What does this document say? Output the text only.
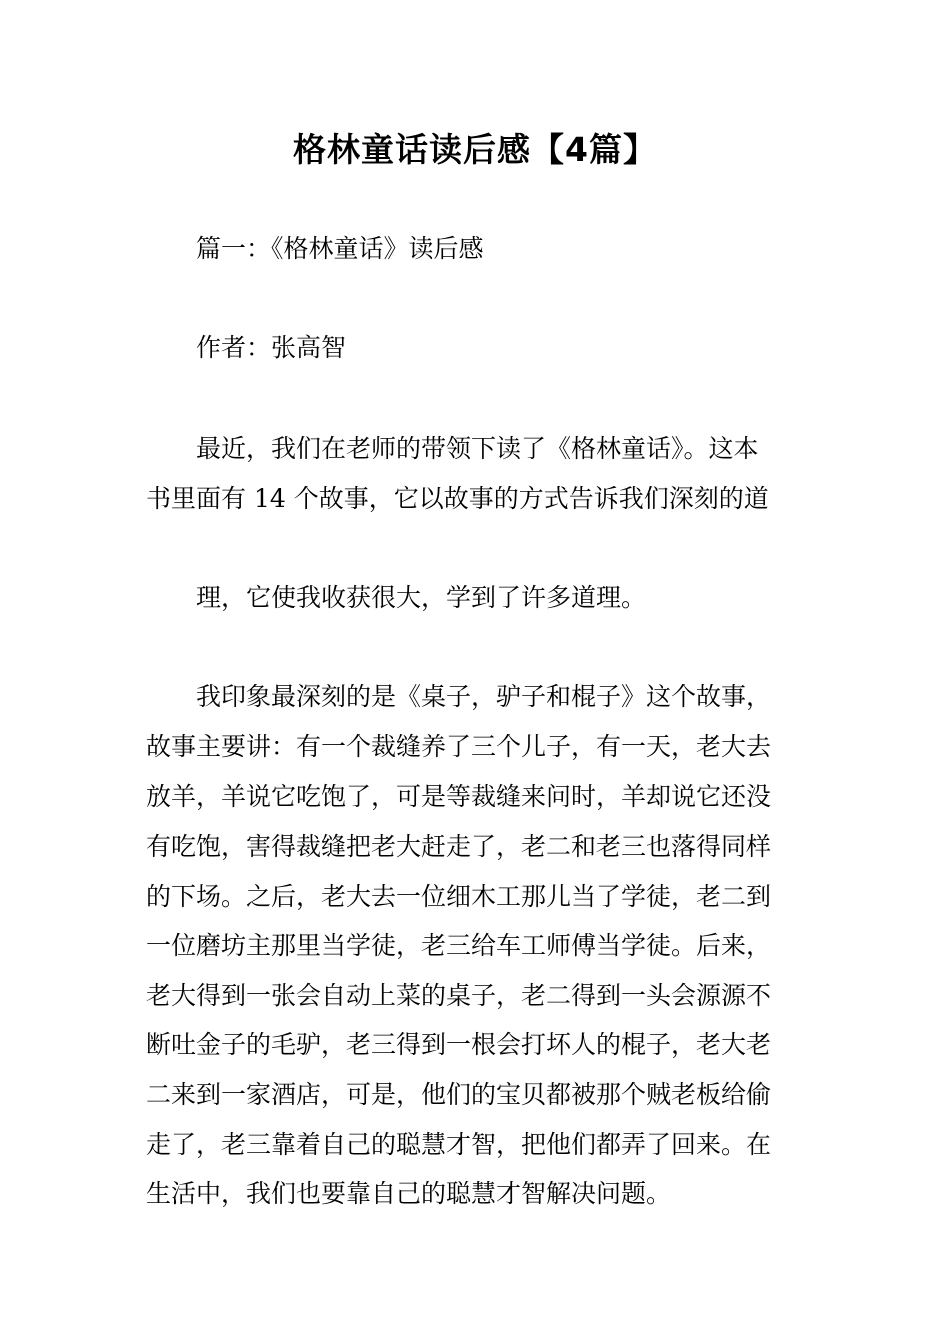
格林童话读后感【4篇】
篇一：《格林童话》读后感
作者：张高智
最近，我们在老师的带领下读了《格林童话》。这本
书里面有 14 个故事，它以故事的方式告诉我们深刻的道
理，它使我收获很大，学到了许多道理。
我印象最深刻的是《桌子，驴子和棍子》这个故事，
故事主要讲：有一个裁缝养了三个儿子，有一天，老大去
放羊，羊说它吃饱了，可是等裁缝来问时，羊却说它还没
有吃饱，害得裁缝把老大赶走了，老二和老三也落得同样
的下场。之后，老大去一位细木工那儿当了学徒，老二到
一位磨坊主那里当学徒，老三给车工师傅当学徒。后来，
老大得到一张会自动上菜的桌子，老二得到一头会源源不
断吐金子的毛驴，老三得到一根会打坏人的棍子，老大老
二来到一家酒店，可是，他们的宝贝都被那个贼老板给偷
走了，老三靠着自己的聪慧才智，把他们都弄了回来。在
生活中，我们也要靠自己的聪慧才智解决问题。
